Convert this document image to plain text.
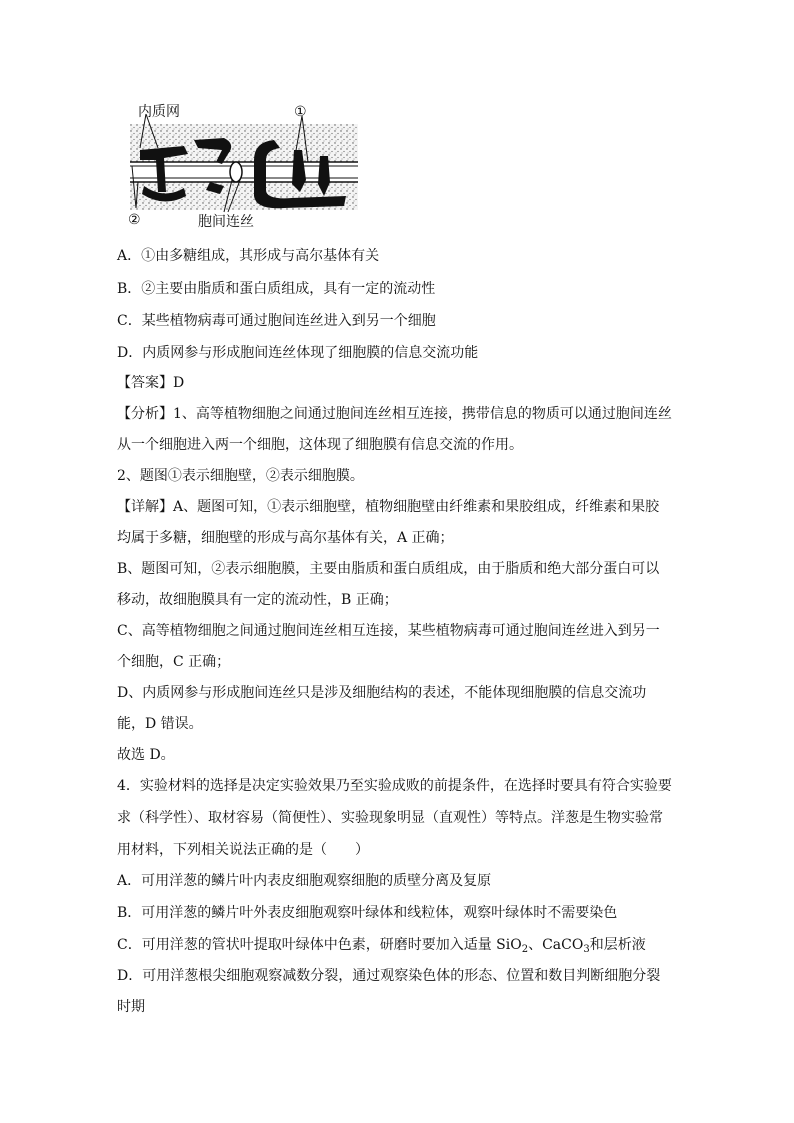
内质网	①
②	胞间连丝
A．①由多糖组成，其形成与高尔基体有关
B．②主要由脂质和蛋白质组成，具有一定的流动性
C．某些植物病毒可通过胞间连丝进入到另一个细胞
D．内质网参与形成胞间连丝体现了细胞膜的信息交流功能
【答案】D
【分析】1、高等植物细胞之间通过胞间连丝相互连接，携带信息的物质可以通过胞间连丝
从一个细胞进入两一个细胞，这体现了细胞膜有信息交流的作用。
2、题图①表示细胞壁，②表示细胞膜。
【详解】A、题图可知，①表示细胞壁，植物细胞壁由纤维素和果胶组成，纤维素和果胶
均属于多糖，细胞壁的形成与高尔基体有关，A 正确；
B、题图可知，②表示细胞膜，主要由脂质和蛋白质组成，由于脂质和绝大部分蛋白可以
移动，故细胞膜具有一定的流动性，B 正确；
C、高等植物细胞之间通过胞间连丝相互连接，某些植物病毒可通过胞间连丝进入到另一
个细胞，C 正确；
D、内质网参与形成胞间连丝只是涉及细胞结构的表述，不能体现细胞膜的信息交流功
能，D 错误。
故选 D。
4．实验材料的选择是决定实验效果乃至实验成败的前提条件，在选择时要具有符合实验要
求（科学性）、取材容易（简便性）、实验现象明显（直观性）等特点。洋葱是生物实验常
用材料，下列相关说法正确的是（　　）
A．可用洋葱的鳞片叶内表皮细胞观察细胞的质壁分离及复原
B．可用洋葱的鳞片叶外表皮细胞观察叶绿体和线粒体，观察叶绿体时不需要染色
C．可用洋葱的管状叶提取叶绿体中色素，研磨时要加入适量 SiO$_2$、CaCO$_3$和层析液
D．可用洋葱根尖细胞观察减数分裂，通过观察染色体的形态、位置和数目判断细胞分裂
时期
